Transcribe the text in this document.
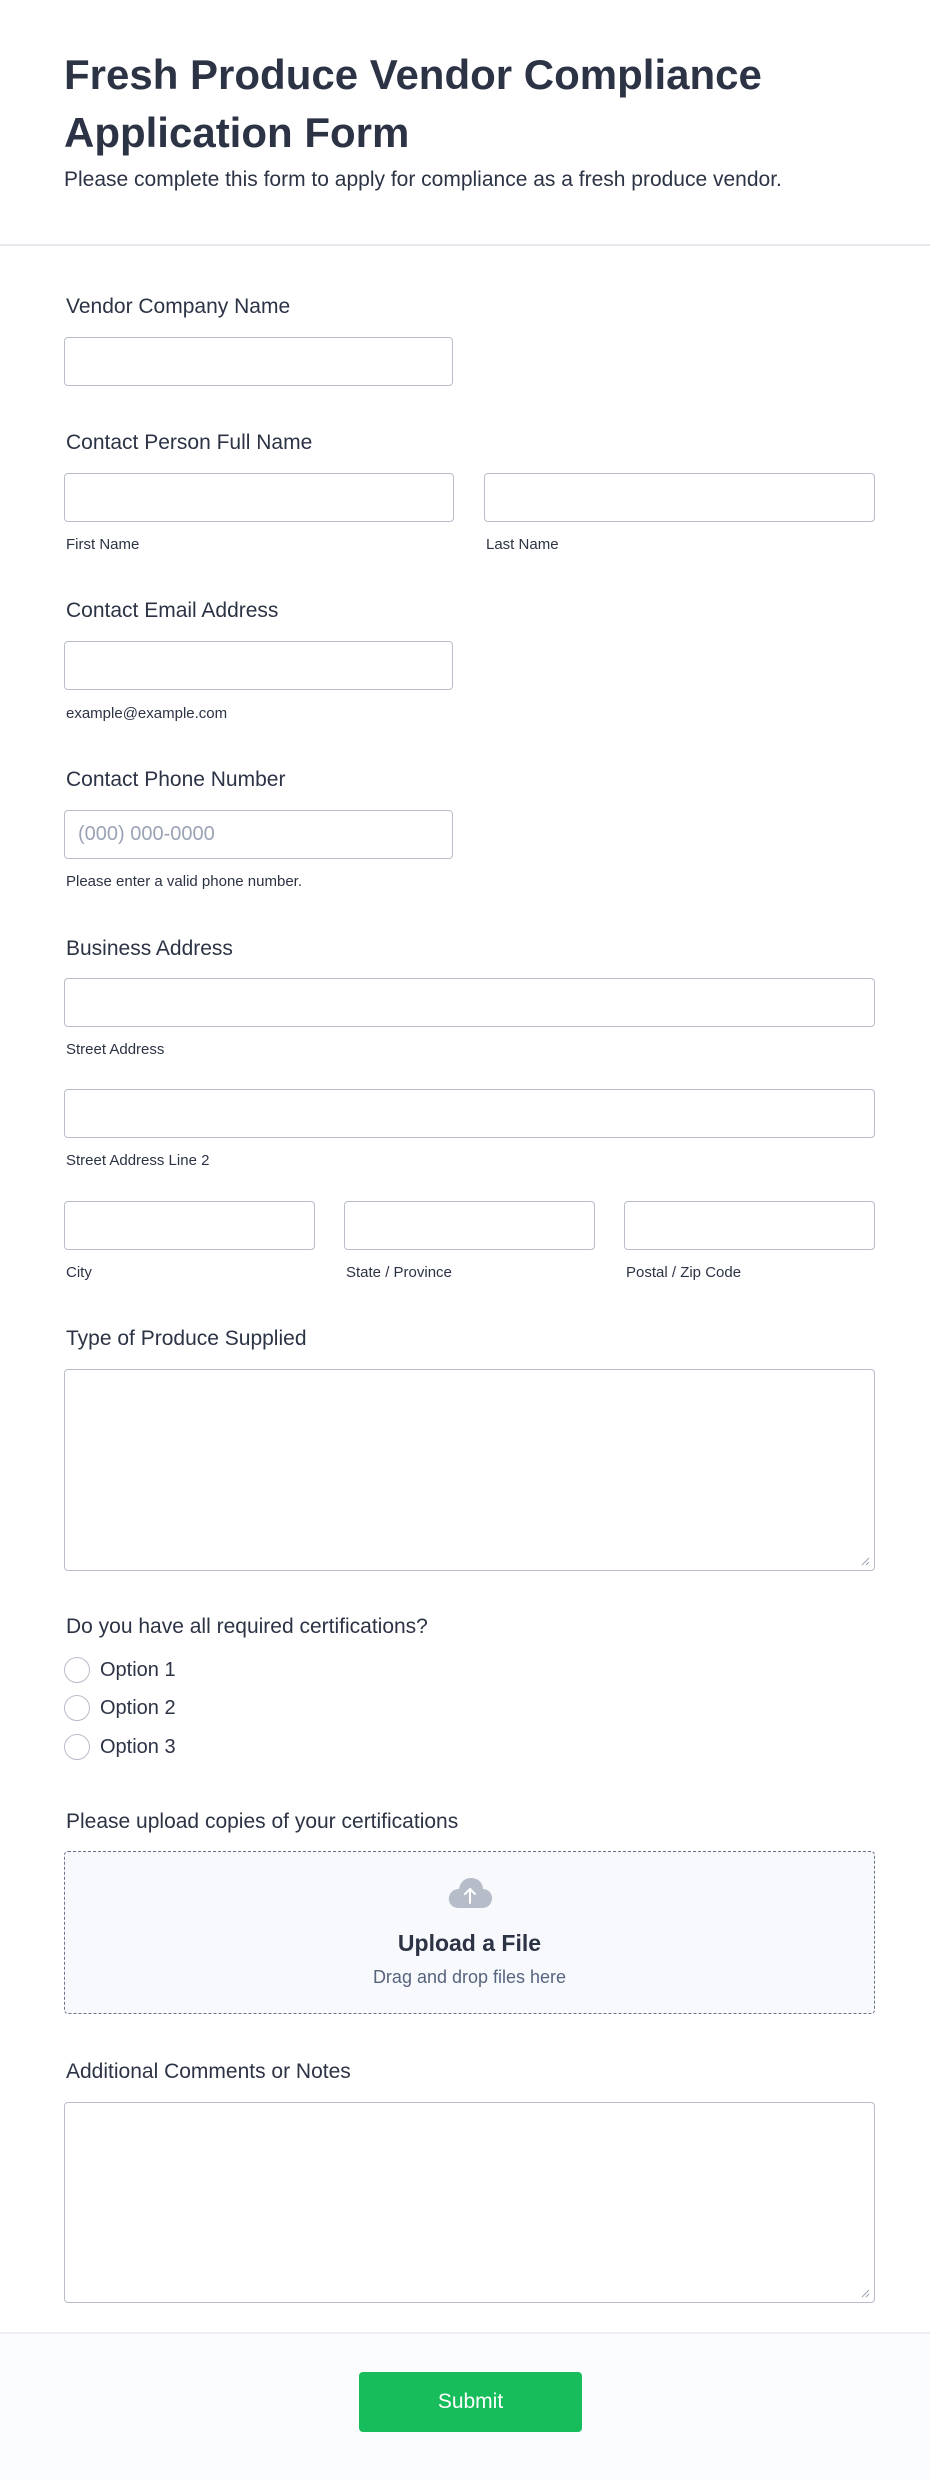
Fresh Produce Vendor Compliance Application Form

Please complete this form to apply for compliance as a fresh produce vendor.

Vendor Company Name
Contact Person Full Name
First Name	Last Name
Contact Email Address
example@example.com
Contact Phone Number
(000) 000-0000
Please enter a valid phone number.
Business Address
Street Address
Street Address Line 2
City	State / Province	Postal / Zip Code
Type of Produce Supplied
Do you have all required certifications?
Option 1
Option 2
Option 3
Please upload copies of your certifications
Upload a File
Drag and drop files here
Additional Comments or Notes
Submit
